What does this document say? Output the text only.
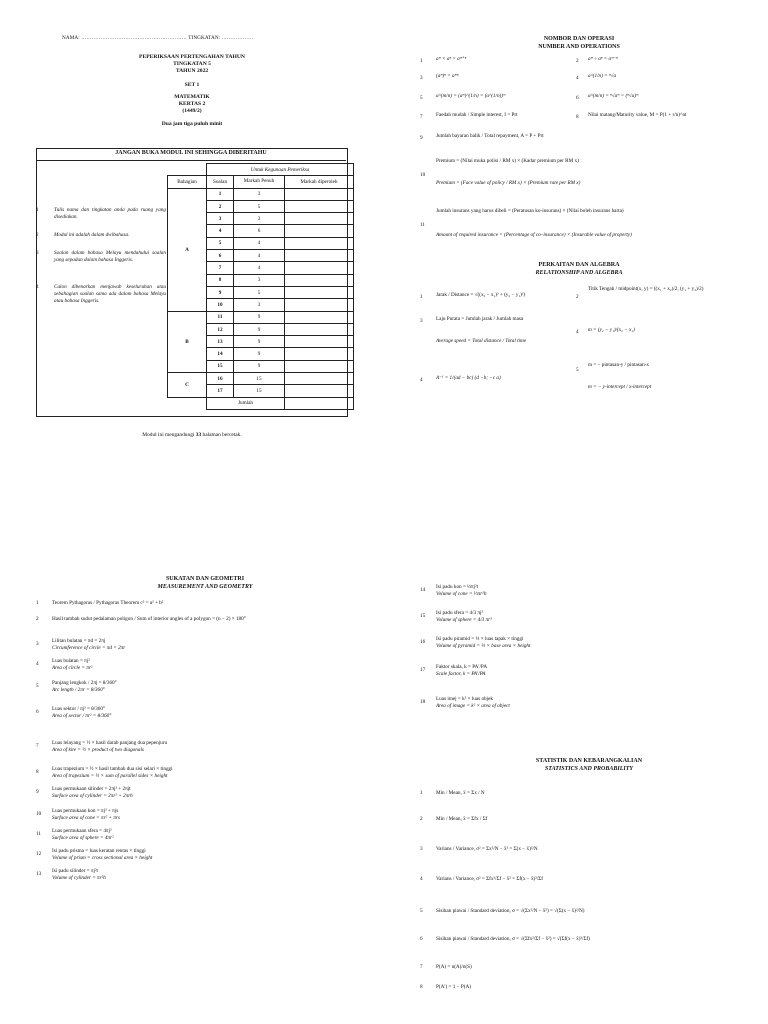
NAMA: …………………………………………………… TINGKATAN: ………………
PEPERIKSAAN PERTENGAHAN TAHUN
TINGKATAN 5
TAHUN 2022
SET 1
MATEMATIK
KERTAS 2
(1449/2)
Dua jam tiga puluh minit
JANGAN BUKA MODUL INI SEHINGGA DIBERITAHU
1	Tulis nama dan tingkatan anda pada ruang yang disediakan.
2	Modul ini adalah dalam dwibahasa.
3	Soalan dalam bahasa Melayu mendahului soalan yang sepadan dalam bahasa Inggeris.
4	Calon dibenarkan menjawab keseluruhan atau sebahagian soalan sama ada dalam bahasa Melayu atau bahasa Inggeris.
	Untuk Kegunaan Pemeriksa		
Bahagian	Soalan	Markah Penuh	Markah diperoleh
A	1	3	
	2	5	
	3	3	
	4	6	
	5	4	
	6	4	
	7	4	
	8	3	
	9	5	
	10	3	
B	11	9	
	12	9	
	13	9	
	14	9	
	15	9	
C	16	15	
	17	15	
	Jumlah		
Modul ini mengandungi 33 halaman bercetak.
NOMBOR DAN OPERASI
NUMBER AND OPERATIONS
1	aᵐ × aⁿ = aᵐ⁺ⁿ	2 aᵐ ÷ aⁿ = aᵐ⁻ⁿ
3	(aᵐ)ⁿ = aᵐⁿ	4 a^(1/n) = ⁿ√a
5	a^(m/n) = (aᵐ)^(1/n) = (a^(1/n))ᵐ	6 a^(m/n) = ⁿ√aᵐ = (ⁿ√a)ᵐ
7	Faedah mudah / Simple interest, I = Prt	8 Nilai matang/Maturity value, M = P(1 + r/n)^nt
9	Jumlah bayaran balik / Total repayment, A = P + Prt
10
Premium = (Nilai muka polisi / RM x) × (Kadar premium per RM x)
Premium = (Face value of policy / RM x) × (Premium rate per RM x)
11
Jumlah insurans yang harus dibeli = (Peratusan ko-insurans) × (Nilai boleh insurans harta)
Amount of required insurance = (Percentage of co–insurance) × (Insurable value of property)
PERKAITAN DAN ALGEBRA
RELATIONSHIP AND ALGEBRA
1	Jarak / Distance = √((x₂ − x₁)² + (y₂ − y₁)²)	2
Titik Tengah / midpoint(x, y) = ((x₁ + x₂)/2, (y₁ + y₂)/2)
3	Laju Purata = Jumlah jarak / Jumlah masa
Average speed = Total distance / Total time
4 m = (y₂ − y₁)/(x₂ − x₁)
5
m = − pintasan-y / pintasan-x
m = − y-intercept / x-intercept
4	A⁻¹ = 1/(ad − bc) (d −b; −c a)
SUKATAN DAN GEOMETRI
MEASUREMENT AND GEOMETRY
1	Teorem Pythagoras / Pythagoras Theorem c² = a² + b²
2	Hasil tambah sudut pedalaman poligon / Sum of interior angles of a polygon = (n − 2) × 180°
3	Lilitan bulatan = πd = 2πj
Circumference of circle = πd = 2πr
4	Luas bulatan = πj²
Area of circle = πr²
5	Panjang lengkok / 2πj = θ/360°
Arc length / 2πr = θ/360°
6	Luas sektor / πj² = θ/360°
Area of sector / πr² = θ/360°
7	Luas lelayang = ½ × hasil darab panjang dua pepenjuru
Area of kite = ½ × product of two diagonals
8	Luas trapezium = ½ × hasil tambah dua sisi selari × tinggi
Area of trapezium = ½ × sum of parallel sides × height
9	Luas permukaan silinder = 2πj² + 2πjt
Surface area of cylinder = 2πr² + 2πrh
10 Luas permukaan kon = πj² + πjs
Surface area of cone = πr² + πrs
11 Luas permukaan sfera = 4πj²
Surface area of sphere = 4πr²
12 Isi padu prisma = luas keratan rentas × tinggi
Volume of prism = cross sectional area × height
13 Isi padu silinder = πj²t
Volume of cylinder = πr²h
14 Isi padu kon = ⅓πj²t
Volume of cone = ⅓πr²h
15 Isi padu sfera = 4/3 πj³
Volume of sphere = 4/3 πr³
16 Isi padu piramid = ⅓ × luas tapak × tinggi
Volume of pyramid = ⅓ × base area × height
17 Faktor skala, k = PA′/PA
Scale factor, k = PA′/PA
18 Luas imej = k² × luas objek
Area of image = k² × area of object
STATISTIK DAN KEBARANGKALIAN
STATISTICS AND PROBABILITY
1	Min / Mean, x̄ = Σx / N
2	Min / Mean, x̄ = Σfx / Σf
3	Varians / Variance, σ² = Σx²/N − x̄² = Σ(x − x̄)²/N
4	Varians / Variance, σ² = Σfx²/Σf − x̄² = Σf(x − x̄)²/Σf
5	Sisihan piawai / Standard deviation, σ = √(Σx²/N − x̄²) = √(Σ(x − x̄)²/N)
6	Sisihan piawai / Standard deviation, σ = √(Σfx²/Σf − x̄²) = √(Σf(x − x̄)²/Σf)
7	P(A) = n(A)/n(S)
8	P(A′) = 1 − P(A)
